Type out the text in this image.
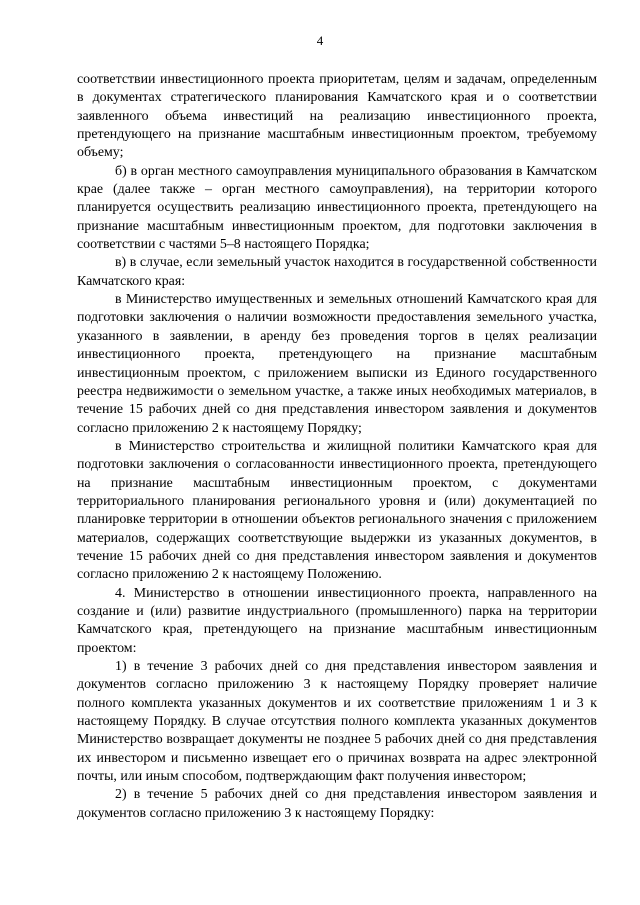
4

соответствии инвестиционного проекта приоритетам, целям и задачам, определенным в документах стратегического планирования Камчатского края и о соответствии заявленного объема инвестиций на реализацию инвестиционного проекта, претендующего на признание масштабным инвестиционным проектом, требуемому объему;

б) в орган местного самоуправления муниципального образования в Камчатском крае (далее также – орган местного самоуправления), на территории которого планируется осуществить реализацию инвестиционного проекта, претендующего на признание масштабным инвестиционным проектом, для подготовки заключения в соответствии с частями 5–8 настоящего Порядка;

в) в случае, если земельный участок находится в государственной собственности Камчатского края:

в Министерство имущественных и земельных отношений Камчатского края для подготовки заключения о наличии возможности предоставления земельного участка, указанного в заявлении, в аренду без проведения торгов в целях реализации инвестиционного проекта, претендующего на признание масштабным инвестиционным проектом, с приложением выписки из Единого государственного реестра недвижимости о земельном участке, а также иных необходимых материалов, в течение 15 рабочих дней со дня представления инвестором заявления и документов согласно приложению 2 к настоящему Порядку;

в Министерство строительства и жилищной политики Камчатского края для подготовки заключения о согласованности инвестиционного проекта, претендующего на признание масштабным инвестиционным проектом, с документами территориального планирования регионального уровня и (или) документацией по планировке территории в отношении объектов регионального значения с приложением материалов, содержащих соответствующие выдержки из указанных документов, в течение 15 рабочих дней со дня представления инвестором заявления и документов согласно приложению 2 к настоящему Положению.

4. Министерство в отношении инвестиционного проекта, направленного на создание и (или) развитие индустриального (промышленного) парка на территории Камчатского края, претендующего на признание масштабным инвестиционным проектом:

1) в течение 3 рабочих дней со дня представления инвестором заявления и документов согласно приложению 3 к настоящему Порядку проверяет наличие полного комплекта указанных документов и их соответствие приложениям 1 и 3 к настоящему Порядку. В случае отсутствия полного комплекта указанных документов Министерство возвращает документы не позднее 5 рабочих дней со дня представления их инвестором и письменно извещает его о причинах возврата на адрес электронной почты, или иным способом, подтверждающим факт получения инвестором;

2) в течение 5 рабочих дней со дня представления инвестором заявления и документов согласно приложению 3 к настоящему Порядку:
